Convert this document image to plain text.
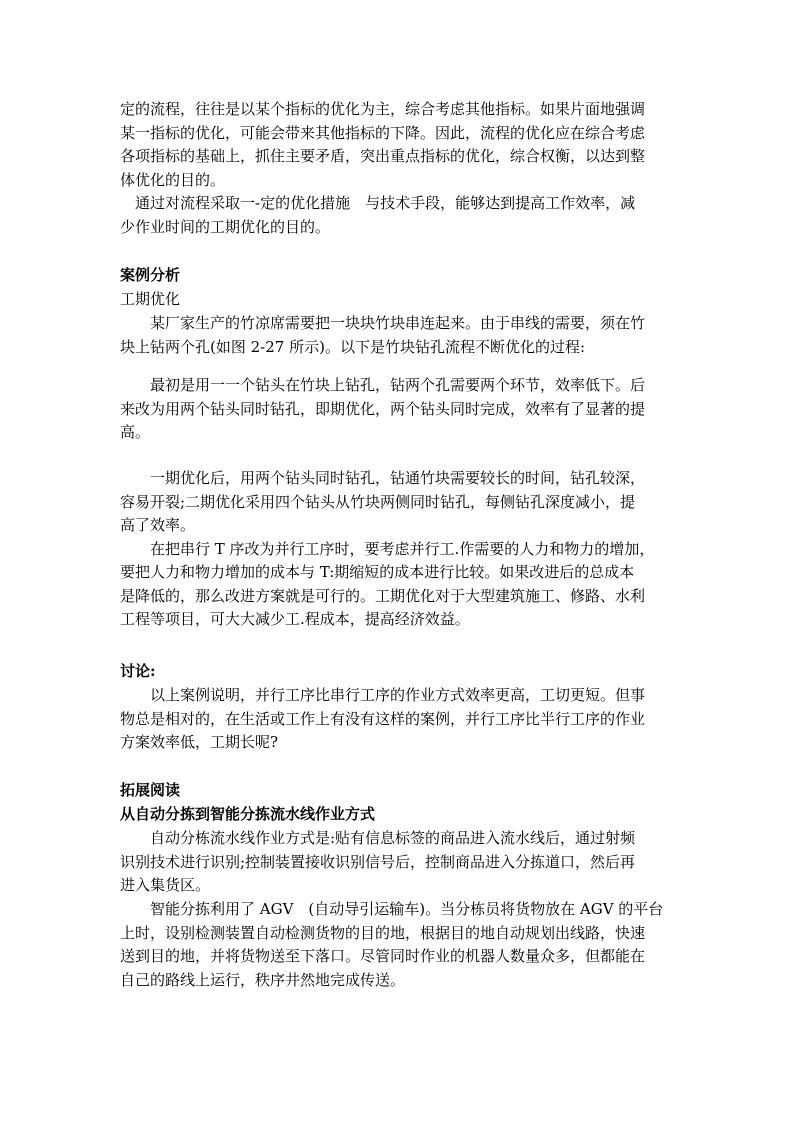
定的流程，往往是以某个指标的优化为主，综合考虑其他指标。如果片面地强调
某一指标的优化，可能会带来其他指标的下降。因此，流程的优化应在综合考虑
各项指标的基础上，抓住主要矛盾，突出重点指标的优化，综合权衡，以达到整
体优化的目的。
　通过对流程采取一-定的优化措施　与技术手段，能够达到提高工作效率，减
少作业时间的工期优化的目的。
案例分析
工期优化
　　某厂家生产的竹凉席需要把一块块竹块串连起来。由于串线的需要，须在竹
块上钻两个孔(如图 2-27 所示)。以下是竹块钻孔流程不断优化的过程:
　　最初是用一一个钻头在竹块上钻孔，钻两个孔需要两个环节，效率低下。后
来改为用两个钻头同时钻孔，即期优化，两个钻头同时完成，效率有了显著的提
高。
　　一期优化后，用两个钻头同时钻孔，钻通竹块需要较长的时间，钻孔较深，
容易开裂;二期优化采用四个钻头从竹块两侧同时钻孔，每侧钻孔深度减小，提
高了效率。
　　在把串行 T 序改为并行工序时，要考虑并行工.作需要的人力和物力的增加，
要把人力和物力增加的成本与 T:期缩短的成本进行比较。如果改进后的总成本
是降低的，那么改进方案就是可行的。工期优化对于大型建筑施工、修路、水利
工程等项目，可大大减少工.程成本，提高经济效益。
讨论:
　　以上案例说明，并行工序比串行工序的作业方式效率更高，工切更短。但事
物总是相对的，在生活或工作上有没有这样的案例，并行工序比半行工序的作业
方案效率低，工期长呢?
拓展阅读
从自动分拣到智能分拣流水线作业方式
　　自动分栋流水线作业方式是:贴有信息标签的商品进入流水线后，通过射频
识别技术进行识别;控制装置接收识别信号后，控制商品进入分拣道口，然后再
进入集货区。
　　智能分拣利用了 AGV　(自动导引运输车)。当分栋员将货物放在 AGV 的平台
上时，设别检测装置自动检测货物的目的地，根据目的地自动规划出线路，快速
送到目的地，并将货物送至下落口。尽管同时作业的机器人数量众多，但都能在
自己的路线上运行，秩序井然地完成传送。
